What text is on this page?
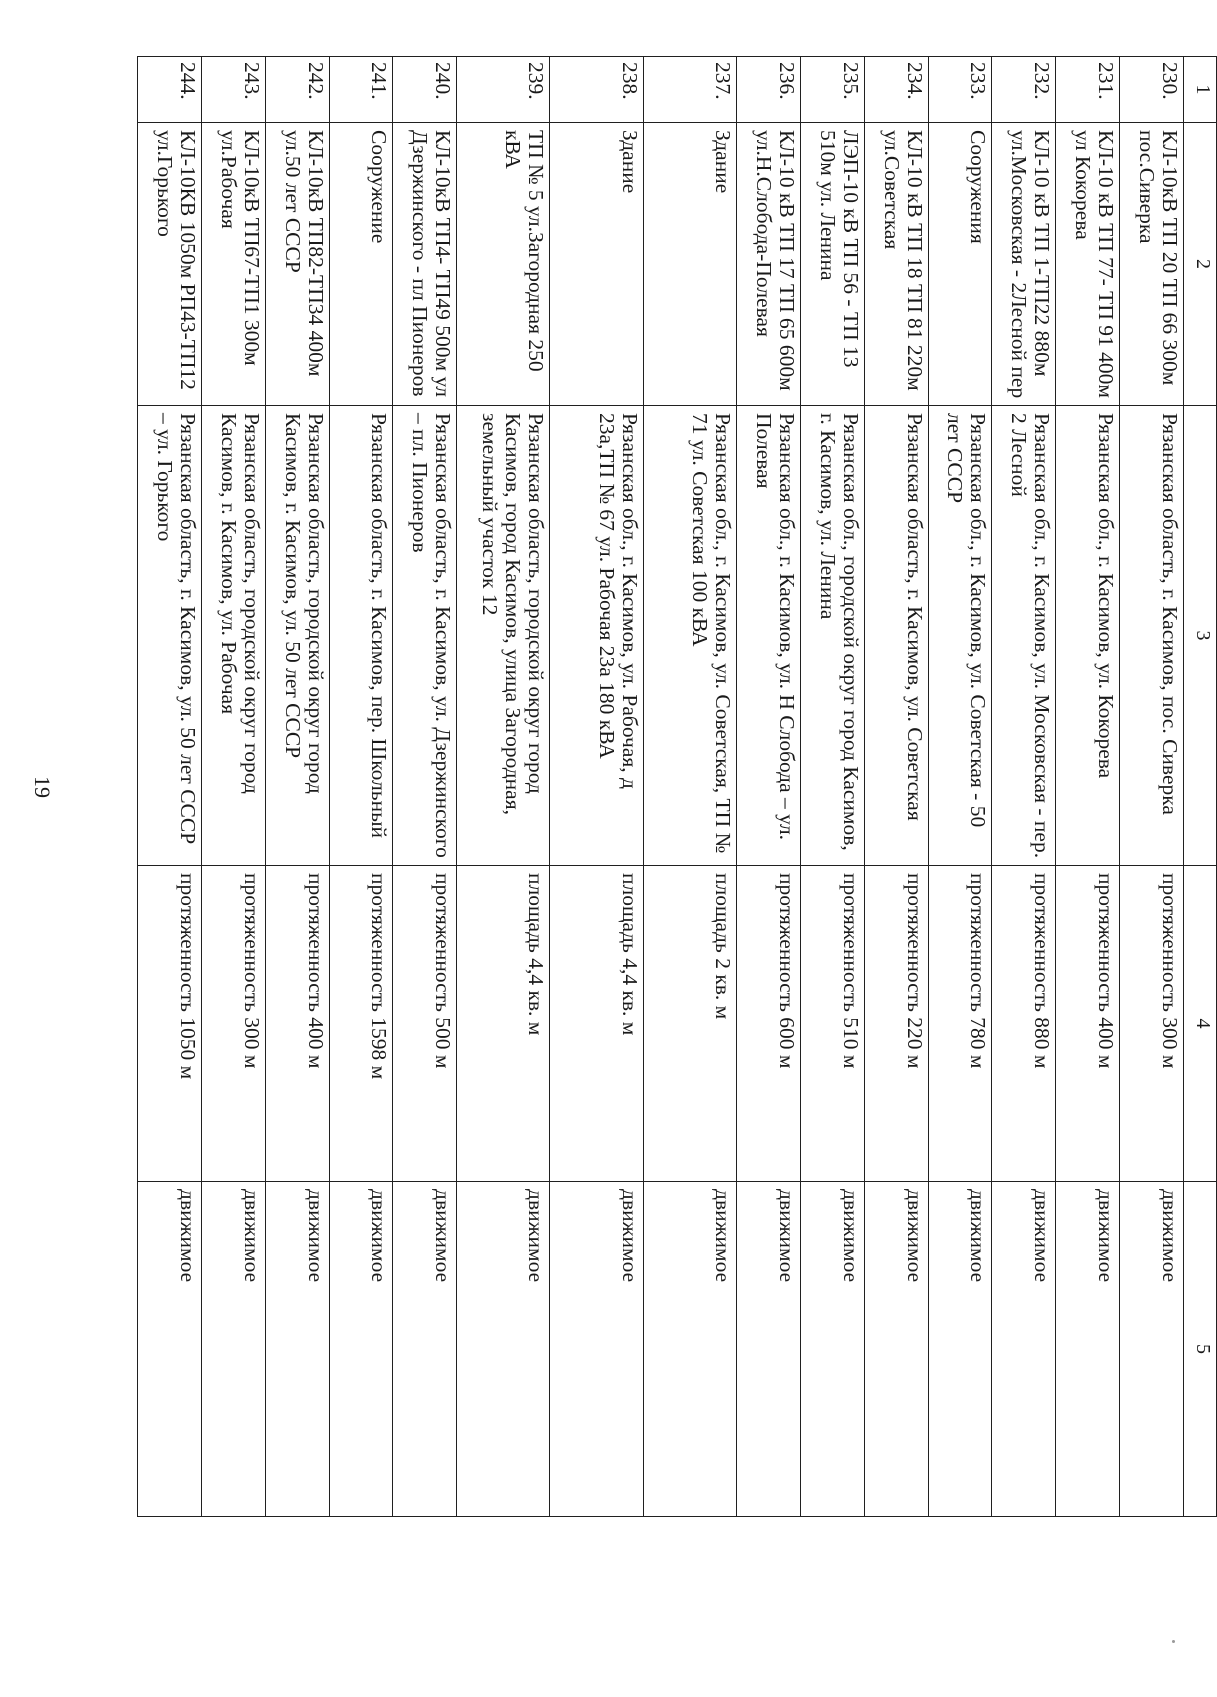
19
1	2	3	4	5
230.	КЛ-10кВ ТП 20 ТП 66 300м пос.Сиверка	Рязанская область, г. Касимов, пос. Сиверка	протяженность 300 м	движимое
231.	КЛ-10 кВ ТП 77- ТП 91 400м ул Кокорева	Рязанская обл., г. Касимов, ул. Кокорева	протяженность 400 м	движимое
232.	КЛ-10 кВ ТП 1-ТП22 880м ул.Московская - 2Лесной пер	Рязанская обл., г. Касимов, ул. Московская - пер. 2 Лесной	протяженность 880 м	движимое
233.	Сооружения	Рязанская обл., г. Касимов, ул. Советская - 50 лет СССР	протяженность 780 м	движимое
234.	КЛ-10 кВ ТП 18 ТП 81 220м ул.Советская	Рязанская область, г. Касимов, ул. Советская	протяженность 220 м	движимое
235.	ЛЭП-10 кВ ТП 56 - ТП 13 510м ул. Ленина	Рязанская обл., городской округ город Касимов, г. Касимов, ул. Ленина	протяженность 510 м	движимое
236.	КЛ-10 кВ ТП 17 ТП 65 600м ул.Н.Слобода-Полевая	Рязанская обл., г. Касимов, ул. Н Слобода – ул. Полевая	протяженность 600 м	движимое
237.	Здание	Рязанская обл., г. Касимов, ул. Советская, ТП № 71 ул. Советская 100 кВА	площадь 2 кв. м	движимое
238.	Здание	Рязанская обл., г. Касимов, ул. Рабочая, д 23а,ТП № 67 ул. Рабочая 23а 180 кВА	площадь 4,4 кв. м	движимое
239.	ТП № 5 ул.Загородная 250 кВА	Рязанская область, городской округ город Касимов, город Касимов, улица Загородная, земельный участок 12	площадь 4,4 кв. м	движимое
240.	КЛ-10кВ ТП4- ТП49 500м ул Дзержинского - пл Пионеров	Рязанская область, г. Касимов, ул. Дзержинского – пл. Пионеров	протяженность 500 м	движимое
241.	Сооружение	Рязанская область, г. Касимов, пер. Школьный	протяженность 1598 м	движимое
242.	КЛ-10кВ ТП82-ТП34 400м ул.50 лет СССР	Рязанская область, городской округ город Касимов, г. Касимов, ул. 50 лет СССР	протяженность 400 м	движимое
243.	КЛ-10кВ ТП67-ТП1 300м ул.Рабочая	Рязанская область, городской округ город Касимов, г. Касимов, ул. Рабочая	протяженность 300 м	движимое
244.	КЛ-10КВ 1050м РП43-ТП12 ул.Горького	Рязанская область, г. Касимов, ул. 50 лет СССР – ул. Горького	протяженность 1050 м	движимое
